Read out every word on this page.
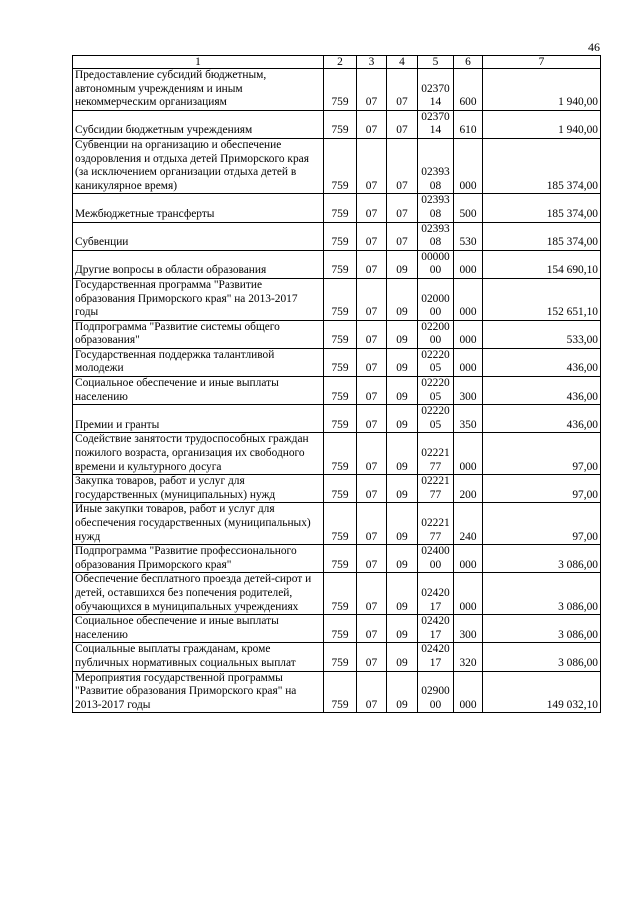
46
1	2	3	4	5	6	7
Предоставление субсидий бюджетным, автономным учреждениям и иным некоммерческим организациям	759	07	07	0237014	600	1 940,00
Субсидии бюджетным учреждениям	759	07	07	0237014	610	1 940,00
Субвенции на организацию и обеспечение оздоровления и отдыха детей Приморского края (за исключением организации отдыха детей в каникулярное время)	759	07	07	0239308	000	185 374,00
Межбюджетные трансферты	759	07	07	0239308	500	185 374,00
Субвенции	759	07	07	0239308	530	185 374,00
Другие вопросы в области образования	759	07	09	0000000	000	154 690,10
Государственная программа "Развитие образования Приморского края" на 2013-2017 годы	759	07	09	0200000	000	152 651,10
Подпрограмма "Развитие системы общего образования"	759	07	09	0220000	000	533,00
Государственная поддержка талантливой молодежи	759	07	09	0222005	000	436,00
Социальное обеспечение и иные выплаты населению	759	07	09	0222005	300	436,00
Премии и гранты	759	07	09	0222005	350	436,00
Содействие занятости трудоспособных граждан пожилого возраста, организация их свободного времени и культурного досуга	759	07	09	0222177	000	97,00
Закупка товаров, работ и услуг для государственных (муниципальных) нужд	759	07	09	0222177	200	97,00
Иные закупки товаров, работ и услуг для обеспечения государственных (муниципальных) нужд	759	07	09	0222177	240	97,00
Подпрограмма "Развитие профессионального образования Приморского края"	759	07	09	0240000	000	3 086,00
Обеспечение бесплатного проезда детей-сирот и детей, оставшихся без попечения родителей, обучающихся в муниципальных учреждениях	759	07	09	0242017	000	3 086,00
Социальное обеспечение и иные выплаты населению	759	07	09	0242017	300	3 086,00
Социальные выплаты гражданам, кроме публичных нормативных социальных выплат	759	07	09	0242017	320	3 086,00
Мероприятия государственной программы "Развитие образования Приморского края" на 2013-2017 годы	759	07	09	0290000	000	149 032,10
